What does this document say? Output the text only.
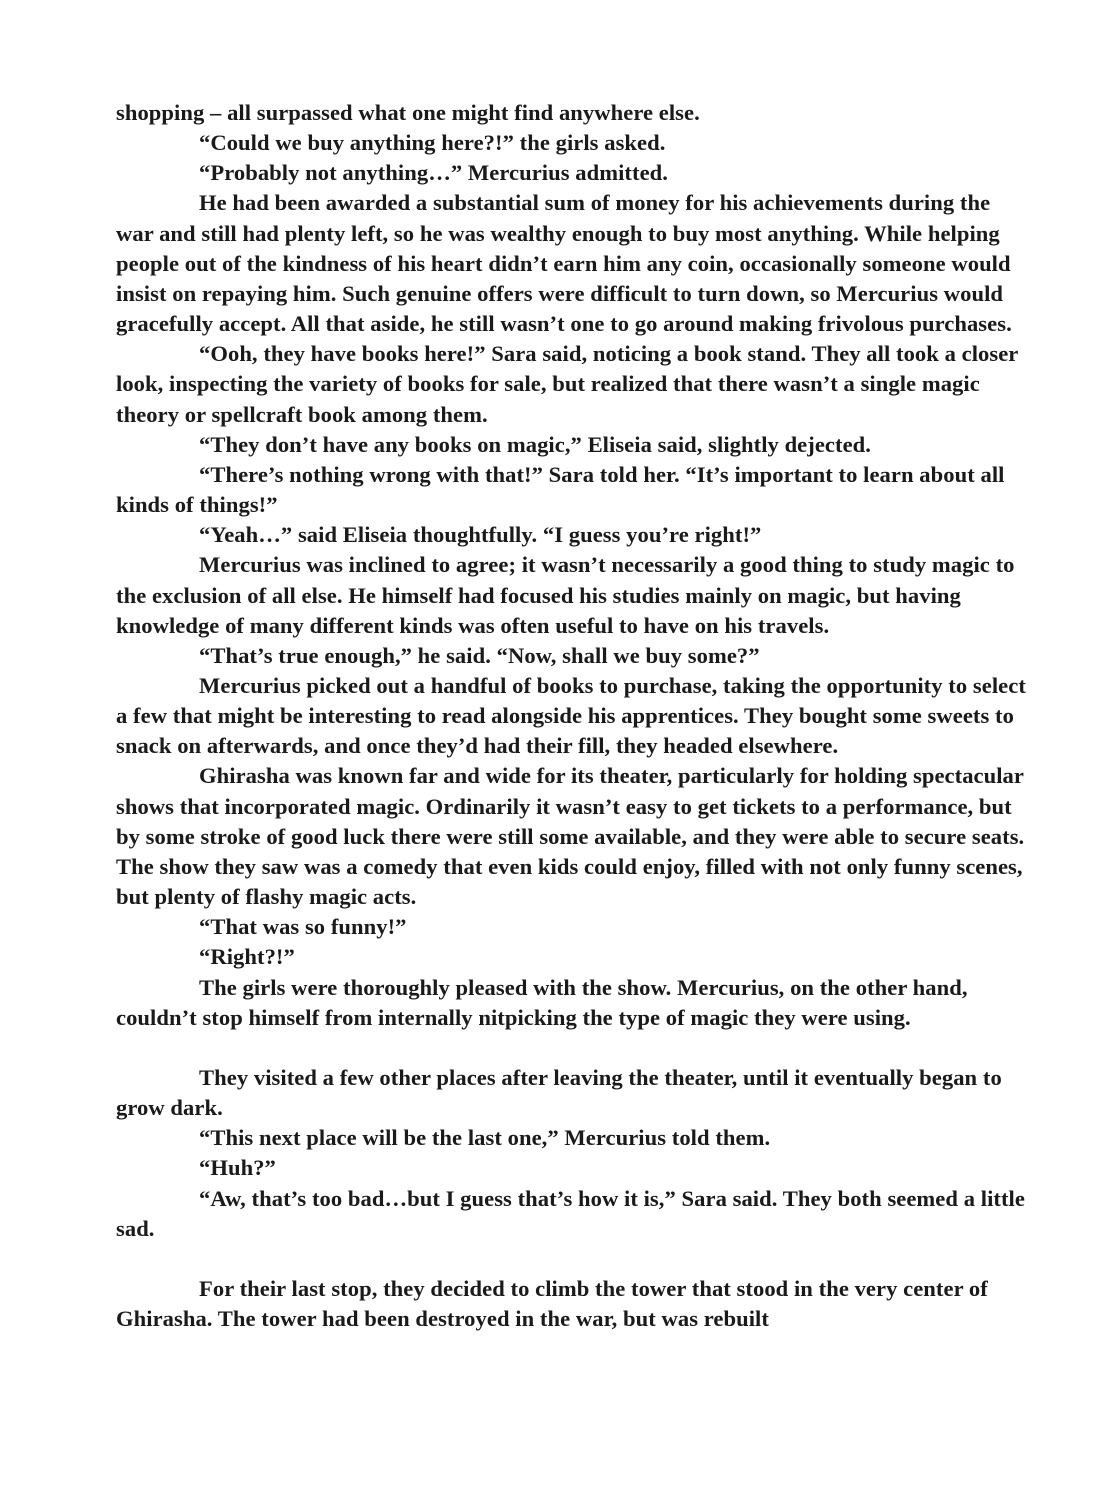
shopping – all surpassed what one might find anywhere else.

“Could we buy anything here?!” the girls asked.

“Probably not anything…” Mercurius admitted.

He had been awarded a substantial sum of money for his achievements during the war and still had plenty left, so he was wealthy enough to buy most anything. While helping people out of the kindness of his heart didn’t earn him any coin, occasionally someone would insist on repaying him. Such genuine offers were difficult to turn down, so Mercurius would gracefully accept. All that aside, he still wasn’t one to go around making frivolous purchases.

“Ooh, they have books here!” Sara said, noticing a book stand. They all took a closer look, inspecting the variety of books for sale, but realized that there wasn’t a single magic theory or spellcraft book among them.

“They don’t have any books on magic,” Eliseia said, slightly dejected.

“There’s nothing wrong with that!” Sara told her. “It’s important to learn about all kinds of things!”

“Yeah…” said Eliseia thoughtfully. “I guess you’re right!”

Mercurius was inclined to agree; it wasn’t necessarily a good thing to study magic to the exclusion of all else. He himself had focused his studies mainly on magic, but having knowledge of many different kinds was often useful to have on his travels.

“That’s true enough,” he said. “Now, shall we buy some?”

Mercurius picked out a handful of books to purchase, taking the opportunity to select a few that might be interesting to read alongside his apprentices. They bought some sweets to snack on afterwards, and once they’d had their fill, they headed elsewhere.

Ghirasha was known far and wide for its theater, particularly for holding spectacular shows that incorporated magic. Ordinarily it wasn’t easy to get tickets to a performance, but by some stroke of good luck there were still some available, and they were able to secure seats.

The show they saw was a comedy that even kids could enjoy, filled with not only funny scenes, but plenty of flashy magic acts.

“That was so funny!”

“Right?!”

The girls were thoroughly pleased with the show. Mercurius, on the other hand, couldn’t stop himself from internally nitpicking the type of magic they were using.

They visited a few other places after leaving the theater, until it eventually began to grow dark.

“This next place will be the last one,” Mercurius told them.

“Huh?”

“Aw, that’s too bad…but I guess that’s how it is,” Sara said. They both seemed a little sad.

For their last stop, they decided to climb the tower that stood in the very center of Ghirasha. The tower had been destroyed in the war, but was rebuilt
